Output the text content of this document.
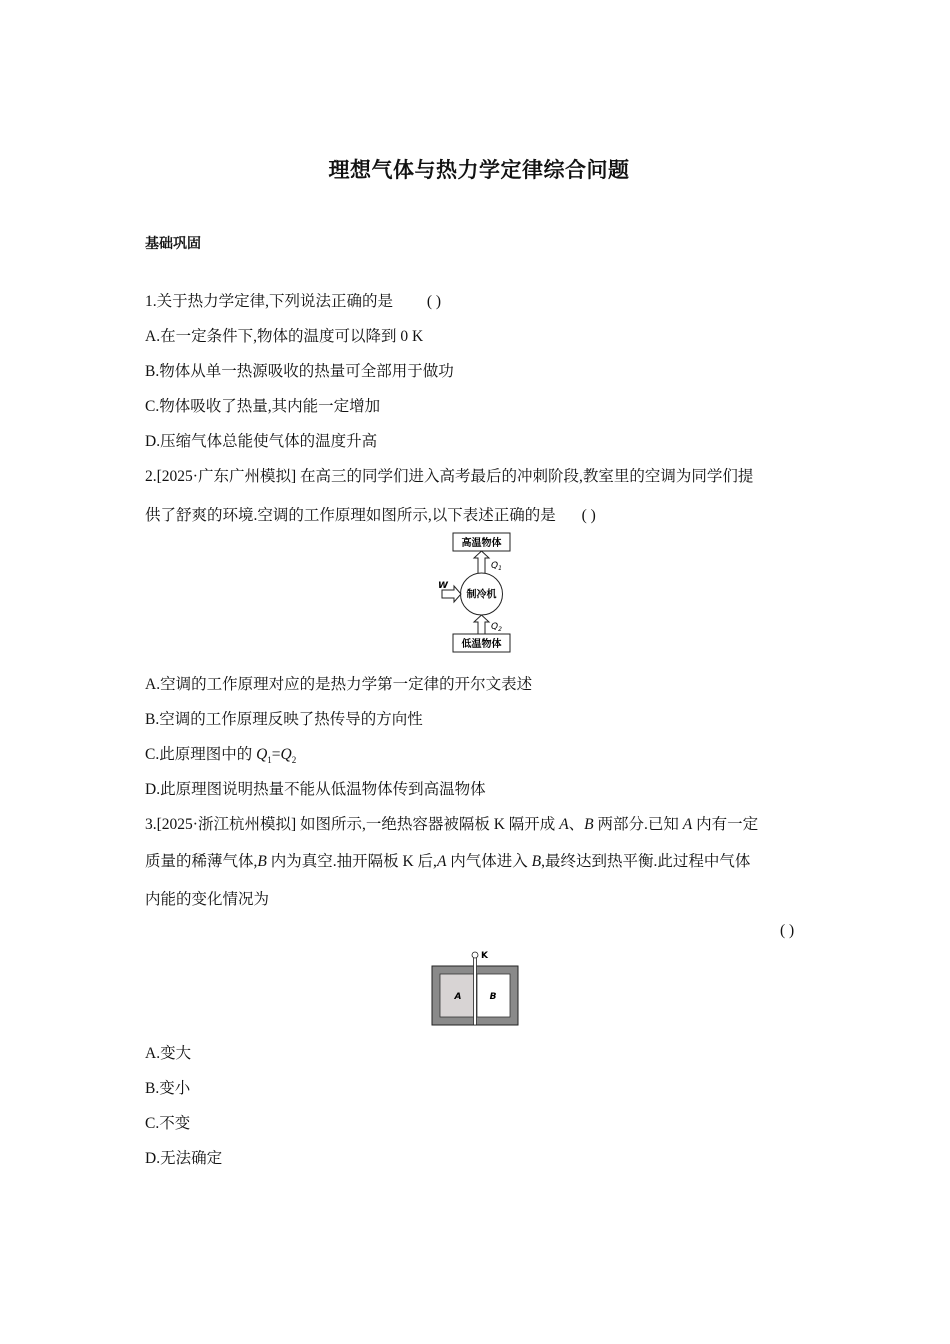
理想气体与热力学定律综合问题
基础巩固
1.关于热力学定律,下列说法正确的是 ( )
A.在一定条件下,物体的温度可以降到 0 K
B.物体从单一热源吸收的热量可全部用于做功
C.物体吸收了热量,其内能一定增加
D.压缩气体总能使气体的温度升高
2.[2025·广东广州模拟] 在高三的同学们进入高考最后的冲刺阶段,教室里的空调为同学们提
供了舒爽的环境.空调的工作原理如图所示,以下表述正确的是 ( )
高温物体
$Q_1$
制冷机
W
$Q_2$
低温物体
A.空调的工作原理对应的是热力学第一定律的开尔文表述
B.空调的工作原理反映了热传导的方向性
C.此原理图中的 $Q_1=Q_2$
D.此原理图说明热量不能从低温物体传到高温物体
3.[2025·浙江杭州模拟] 如图所示,一绝热容器被隔板 K 隔开成 A、B 两部分.已知 A 内有一定
质量的稀薄气体,B 内为真空.抽开隔板 K 后,A 内气体进入 B,最终达到热平衡.此过程中气体
内能的变化情况为
( )
K
A	B
A.变大
B.变小
C.不变
D.无法确定
